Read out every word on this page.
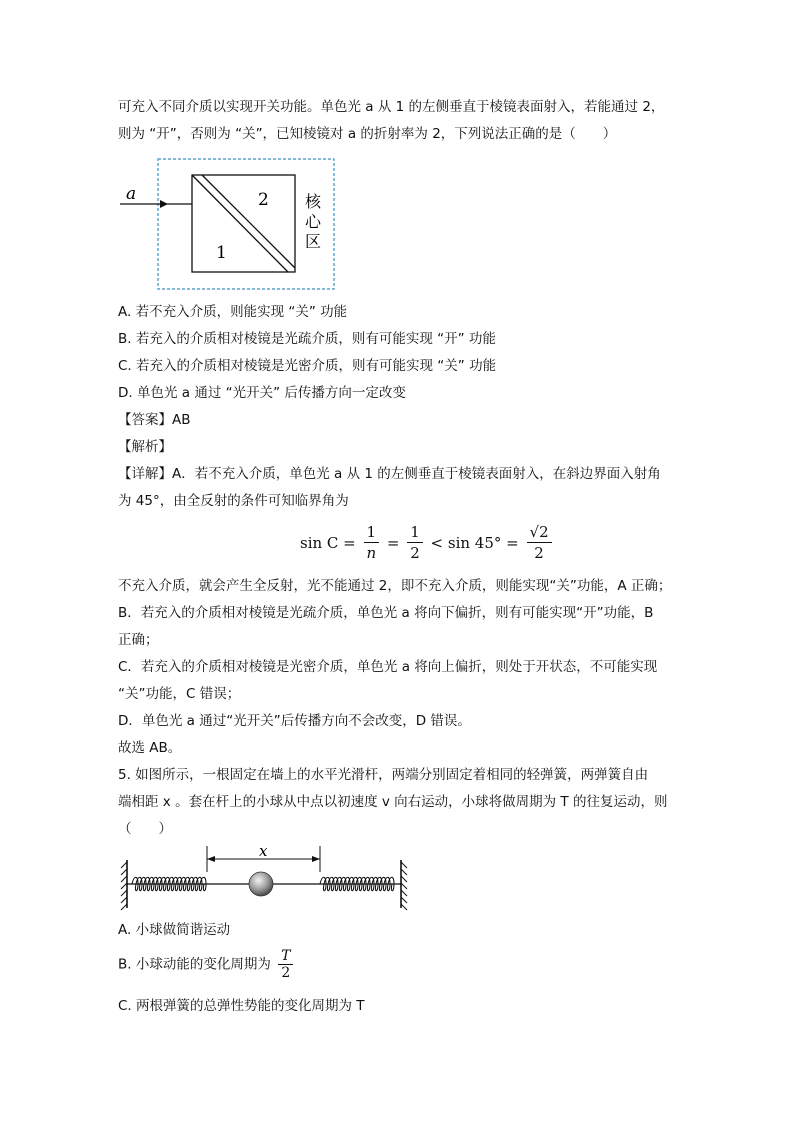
可充入不同介质以实现开关功能。单色光 a 从 1 的左侧垂直于棱镜表面射入，若能通过 2，
则为 “开”，否则为 “关”，已知棱镜对 a 的折射率为 2，下列说法正确的是（　　）
a	2
1
核
心
区
A. 若不充入介质，则能实现 “关” 功能
B. 若充入的介质相对棱镜是光疏介质，则有可能实现 “开” 功能
C. 若充入的介质相对棱镜是光密介质，则有可能实现 “关” 功能
D. 单色光 a 通过 “光开关” 后传播方向一定改变
【答案】AB
【解析】
【详解】A．若不充入介质，单色光 a 从 1 的左侧垂直于棱镜表面射入，在斜边界面入射角
为 45°，由全反射的条件可知临界角为
$\sin C = \frac{1}{n} = \frac{1}{2} < \sin 45^\circ = \frac{√2}{2}$
不充入介质，就会产生全反射，光不能通过 2，即不充入介质，则能实现“关”功能，A 正确；
B．若充入的介质相对棱镜是光疏介质，单色光 a 将向下偏折，则有可能实现“开”功能，B
正确；
C．若充入的介质相对棱镜是光密介质，单色光 a 将向上偏折，则处于开状态，不可能实现
“关”功能，C 错误；
D．单色光 a 通过“光开关”后传播方向不会改变，D 错误。
故选 AB。
5. 如图所示，一根固定在墙上的水平光滑杆，两端分别固定着相同的轻弹簧，两弹簧自由
端相距 x 。套在杆上的小球从中点以初速度 v 向右运动，小球将做周期为 T 的往复运动，则
（　　）
x
A. 小球做简谐运动
B. 小球动能的变化周期为 $\frac{T}{2}$
C. 两根弹簧的总弹性势能的变化周期为 T
